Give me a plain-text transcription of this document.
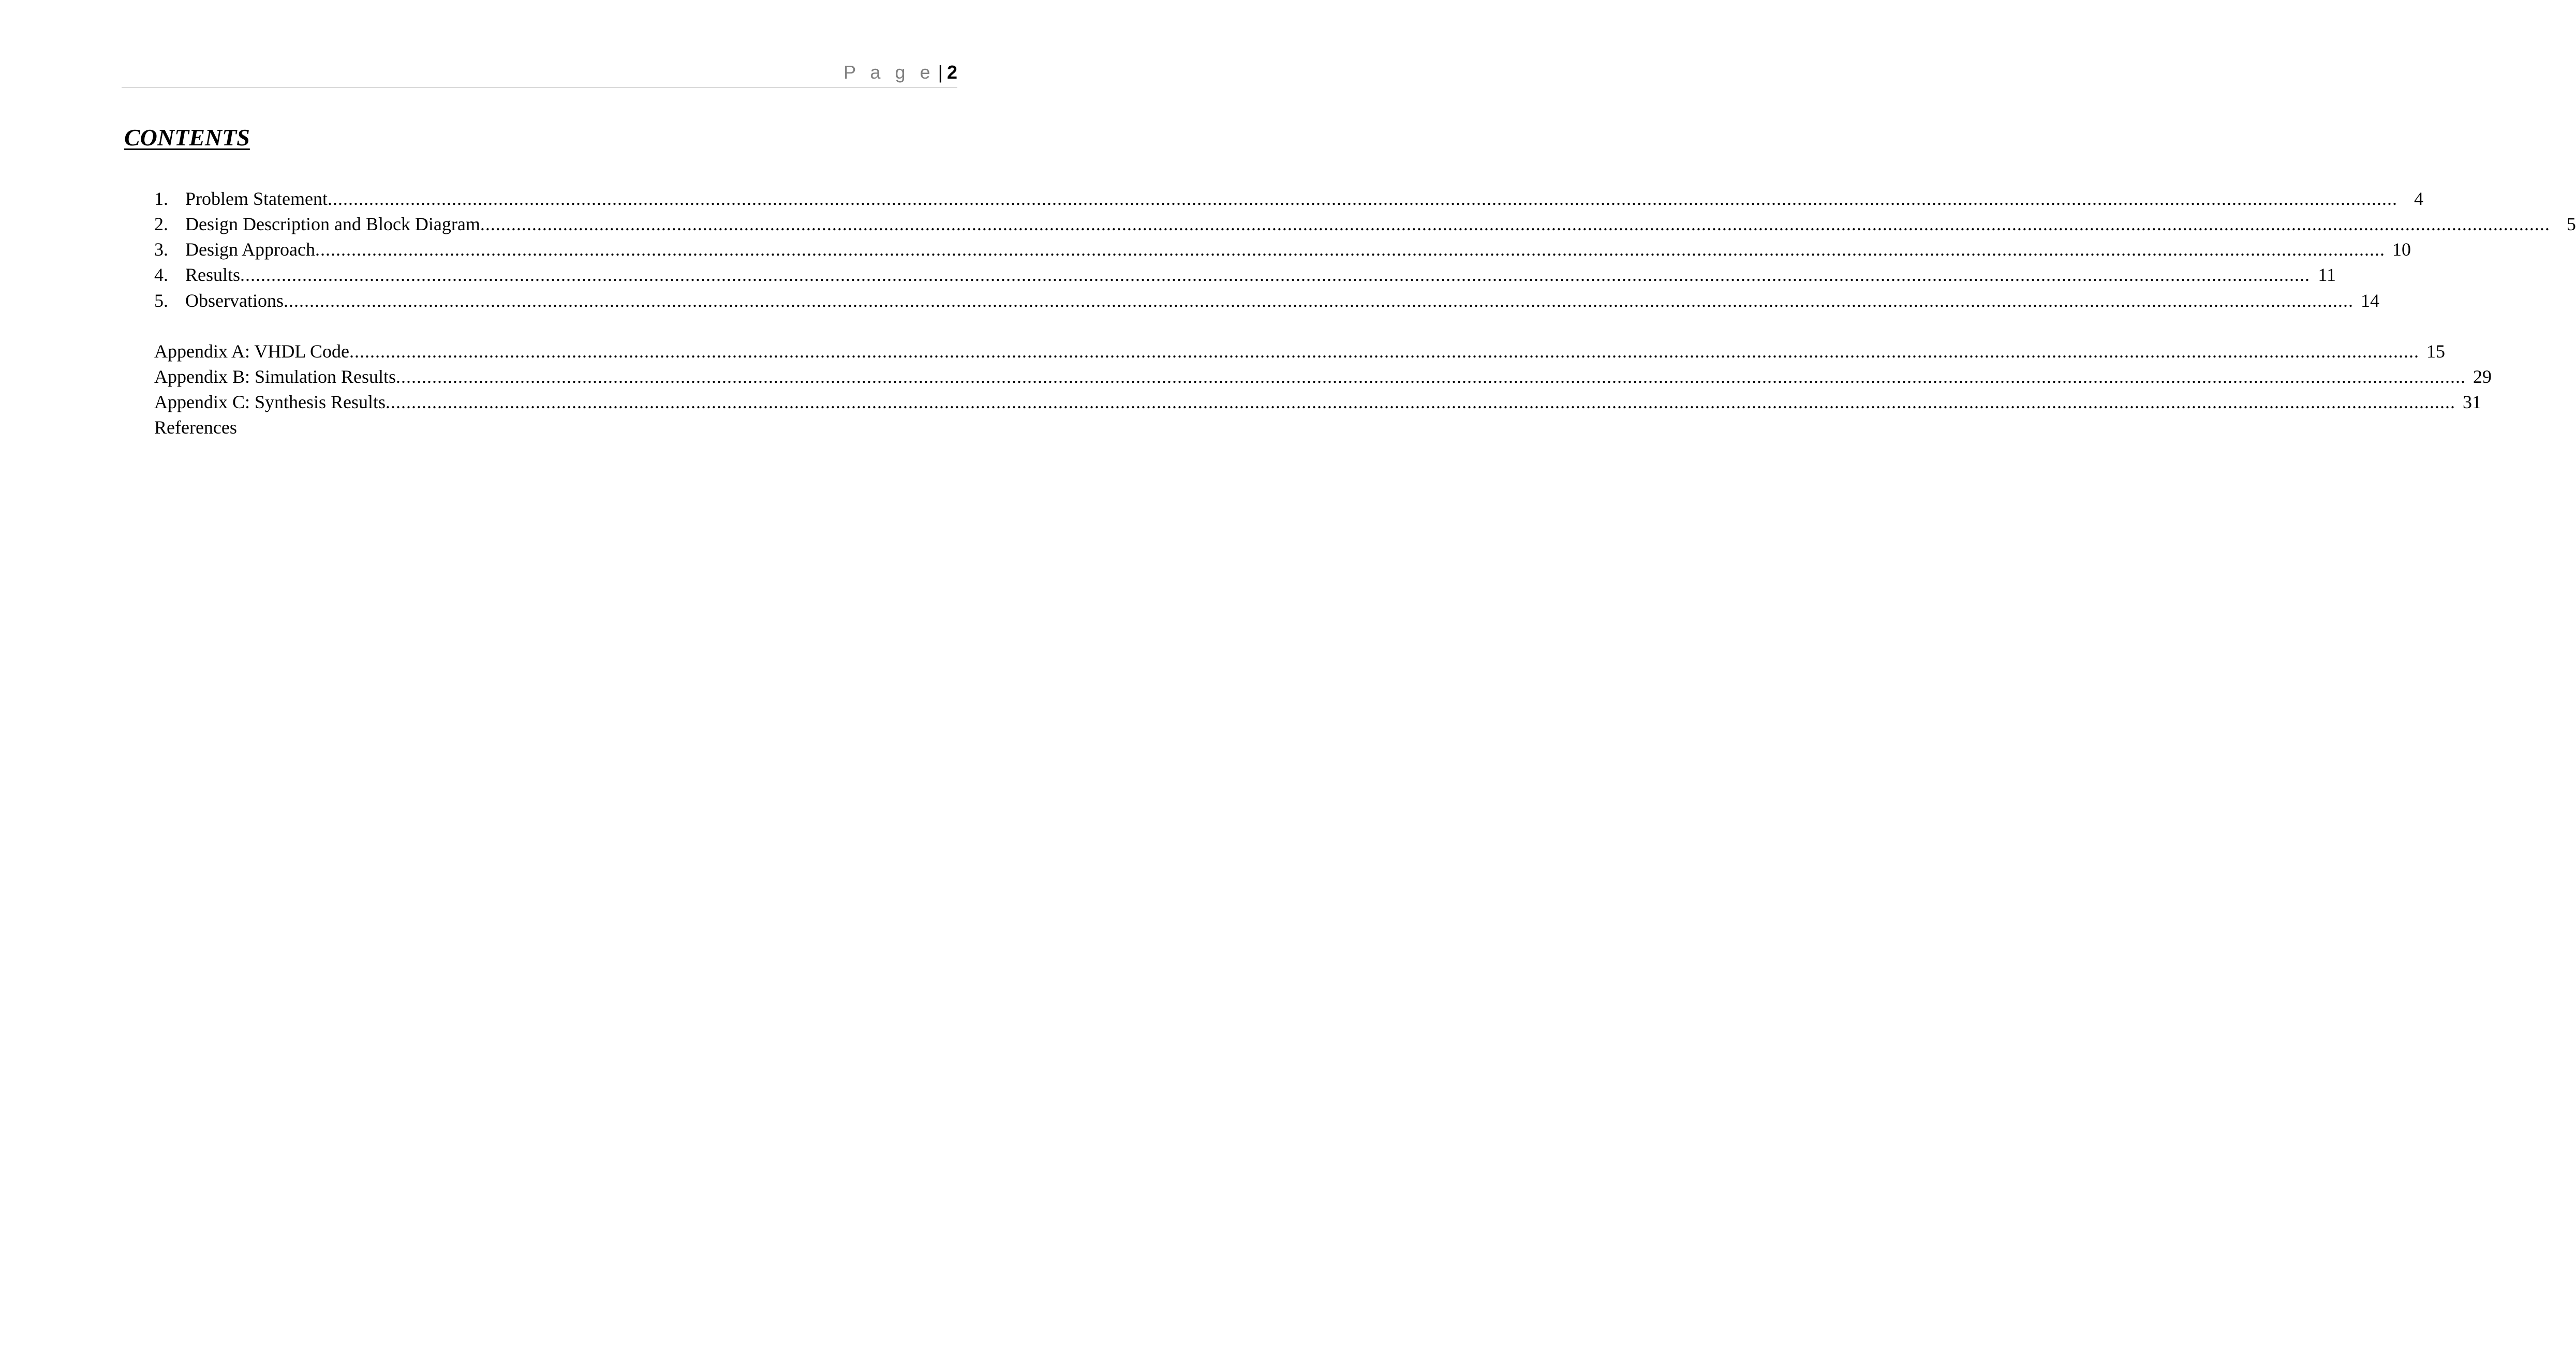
P a g e | 2
CONTENTS
1. Problem Statement ................................................................................................................................................................................................................................................................................................................................................................................................................ 4
2. Design Description and Block Diagram ................................................................................................................................................................................................................................................................................................................................................................................................................ 5
3. Design Approach ................................................................................................................................................................................................................................................................................................................................................................................................................ 10
4. Results ................................................................................................................................................................................................................................................................................................................................................................................................................ 11
5. Observations ................................................................................................................................................................................................................................................................................................................................................................................................................ 14
Appendix A: VHDL Code ................................................................................................................................................................................................................................................................................................................................................................................................................ 15
Appendix B: Simulation Results ................................................................................................................................................................................................................................................................................................................................................................................................................ 29
Appendix C: Synthesis Results ................................................................................................................................................................................................................................................................................................................................................................................................................ 31
References
